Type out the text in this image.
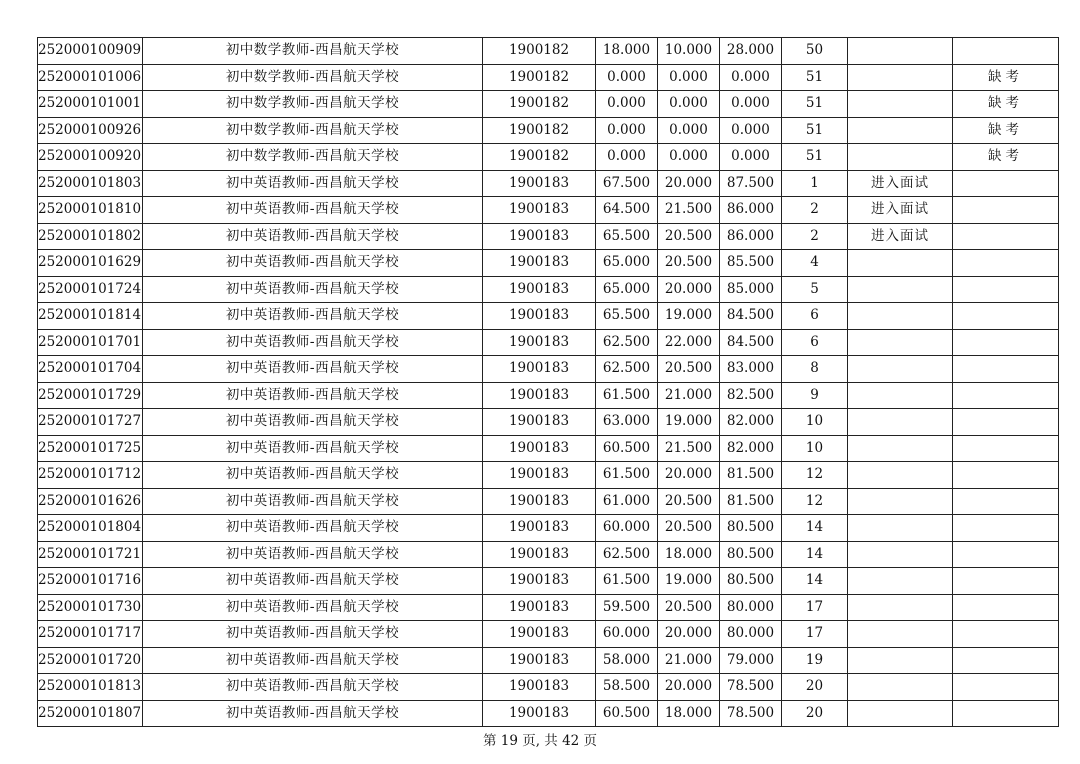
252000100909	初中数学教师-西昌航天学校	1900182	18.000	10.000	28.000	50		
252000101006	初中数学教师-西昌航天学校	1900182	0.000	0.000	0.000	51		缺考
252000101001	初中数学教师-西昌航天学校	1900182	0.000	0.000	0.000	51		缺考
252000100926	初中数学教师-西昌航天学校	1900182	0.000	0.000	0.000	51		缺考
252000100920	初中数学教师-西昌航天学校	1900182	0.000	0.000	0.000	51		缺考
252000101803	初中英语教师-西昌航天学校	1900183	67.500	20.000	87.500	1	进入面试	
252000101810	初中英语教师-西昌航天学校	1900183	64.500	21.500	86.000	2	进入面试	
252000101802	初中英语教师-西昌航天学校	1900183	65.500	20.500	86.000	2	进入面试	
252000101629	初中英语教师-西昌航天学校	1900183	65.000	20.500	85.500	4		
252000101724	初中英语教师-西昌航天学校	1900183	65.000	20.000	85.000	5		
252000101814	初中英语教师-西昌航天学校	1900183	65.500	19.000	84.500	6		
252000101701	初中英语教师-西昌航天学校	1900183	62.500	22.000	84.500	6		
252000101704	初中英语教师-西昌航天学校	1900183	62.500	20.500	83.000	8		
252000101729	初中英语教师-西昌航天学校	1900183	61.500	21.000	82.500	9		
252000101727	初中英语教师-西昌航天学校	1900183	63.000	19.000	82.000	10		
252000101725	初中英语教师-西昌航天学校	1900183	60.500	21.500	82.000	10		
252000101712	初中英语教师-西昌航天学校	1900183	61.500	20.000	81.500	12		
252000101626	初中英语教师-西昌航天学校	1900183	61.000	20.500	81.500	12		
252000101804	初中英语教师-西昌航天学校	1900183	60.000	20.500	80.500	14		
252000101721	初中英语教师-西昌航天学校	1900183	62.500	18.000	80.500	14		
252000101716	初中英语教师-西昌航天学校	1900183	61.500	19.000	80.500	14		
252000101730	初中英语教师-西昌航天学校	1900183	59.500	20.500	80.000	17		
252000101717	初中英语教师-西昌航天学校	1900183	60.000	20.000	80.000	17		
252000101720	初中英语教师-西昌航天学校	1900183	58.000	21.000	79.000	19		
252000101813	初中英语教师-西昌航天学校	1900183	58.500	20.000	78.500	20		
252000101807	初中英语教师-西昌航天学校	1900183	60.500	18.000	78.500	20		
第 19 页, 共 42 页
